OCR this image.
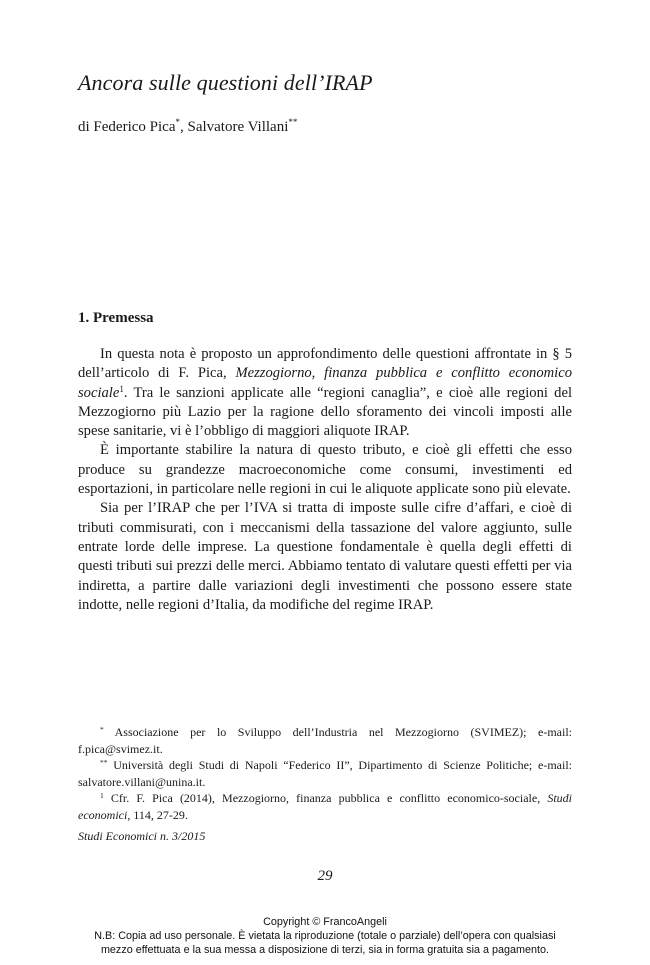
Ancora sulle questioni dell’IRAP
di Federico Pica*, Salvatore Villani**
1. Premessa

In questa nota è proposto un approfondimento delle questioni affrontate in § 5 dell’articolo di F. Pica, Mezzogiorno, finanza pubblica e conflitto economico sociale$^1$. Tra le sanzioni applicate alle “regioni canaglia”, e cioè alle regioni del Mezzogiorno più Lazio per la ragione dello sforamento dei vincoli imposti alle spese sanitarie, vi è l’obbligo di maggiori aliquote IRAP.

È importante stabilire la natura di questo tributo, e cioè gli effetti che esso produce su grandezze macroeconomiche come consumi, investimenti ed esportazioni, in particolare nelle regioni in cui le aliquote applicate sono più elevate.

Sia per l’IRAP che per l’IVA si tratta di imposte sulle cifre d’affari, e cioè di tributi commisurati, con i meccanismi della tassazione del valore aggiunto, sulle entrate lorde delle imprese. La questione fondamentale è quella degli effetti di questi tributi sui prezzi delle merci. Abbiamo tentato di valutare questi effetti per via indiretta, a partire dalle variazioni degli investimenti che possono essere state indotte, nelle regioni d’Italia, da modifiche del regime IRAP.

* Associazione per lo Sviluppo dell’Industria nel Mezzogiorno (SVIMEZ); e-mail: f.pica@svimez.it.

** Università degli Studi di Napoli “Federico II”, Dipartimento di Scienze Politiche; e-mail: salvatore.villani@unina.it.

$^1$ Cfr. F. Pica (2014), Mezzogiorno, finanza pubblica e conflitto economico-sociale, Studi economici, 114, 27-29.

Studi Economici n. 3/2015
29
Copyright © FrancoAngeli
N.B: Copia ad uso personale. È vietata la riproduzione (totale o parziale) dell’opera con qualsiasi
mezzo effettuata e la sua messa a disposizione di terzi, sia in forma gratuita sia a pagamento.
